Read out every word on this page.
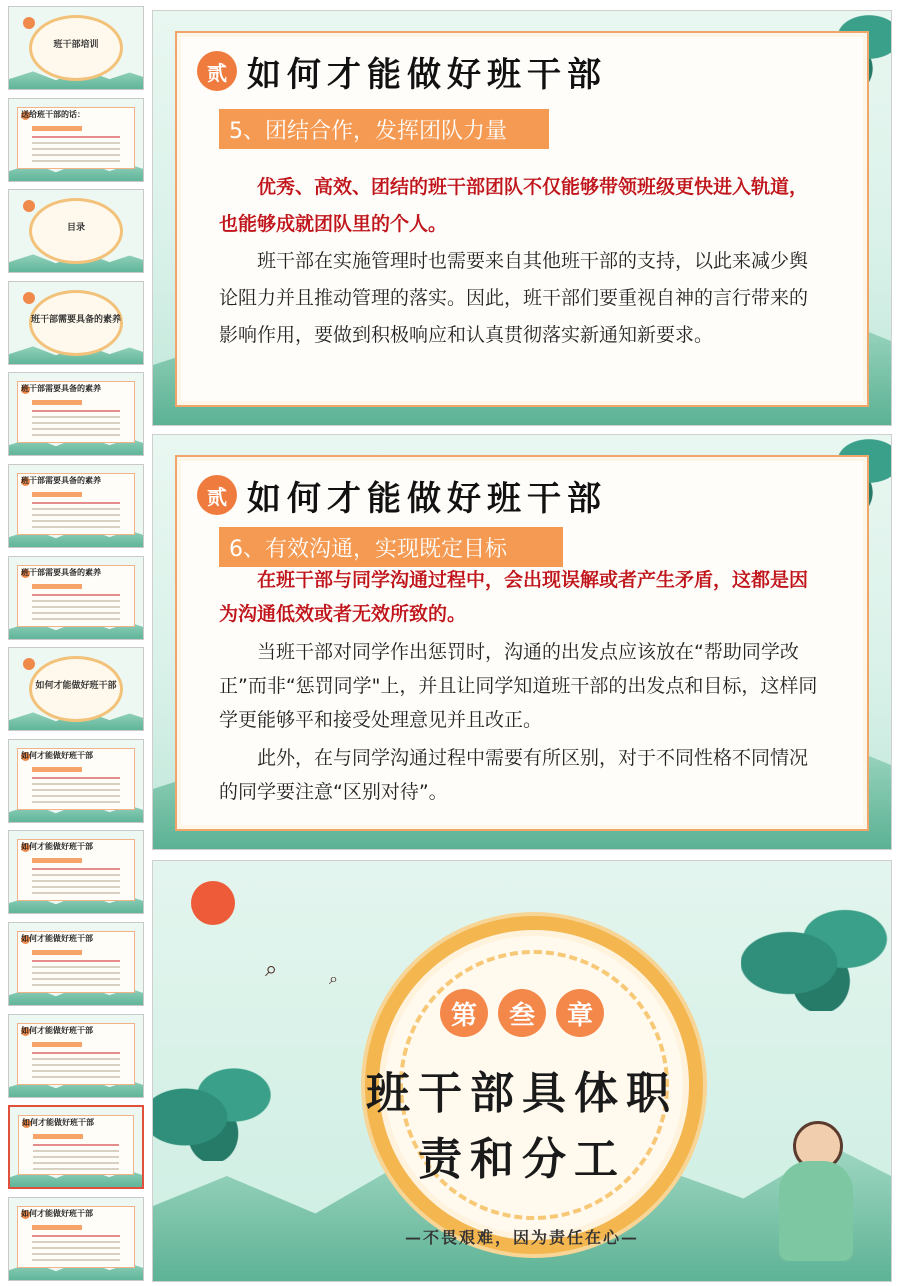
班干部培训
送给班干部的话：
目录
班干部需要具备的素养
班干部需要具备的素养
班干部需要具备的素养
班干部需要具备的素养
如何才能做好班干部
如何才能做好班干部
如何才能做好班干部
如何才能做好班干部
如何才能做好班干部
如何才能做好班干部
如何才能做好班干部
贰 如何才能做好班干部
5、团结合作，发挥团队力量
优秀、高效、团结的班干部团队不仅能够带领班级更快进入轨道，也能够成就团队里的个人。
班干部在实施管理时也需要来自其他班干部的支持，以此来减少舆论阻力并且推动管理的落实。因此，班干部们要重视自神的言行带来的影响作用，要做到积极响应和认真贯彻落实新通知新要求。
贰 如何才能做好班干部
6、有效沟通，实现既定目标
在班干部与同学沟通过程中，会出现误解或者产生矛盾，这都是因为沟通低效或者无效所致的。
当班干部对同学作出惩罚时，沟通的出发点应该放在“帮助同学改正”而非“惩罚同学"上，并且让同学知道班干部的出发点和目标，这样同学更能够平和接受处理意见并且改正。
此外，在与同学沟通过程中需要有所区别，对于不同性格不同情况的同学要注意“区别对待”。
⌕	⌕
第	叁	章
班干部具体职
责和分工
—不畏艰难，因为责任在心—
